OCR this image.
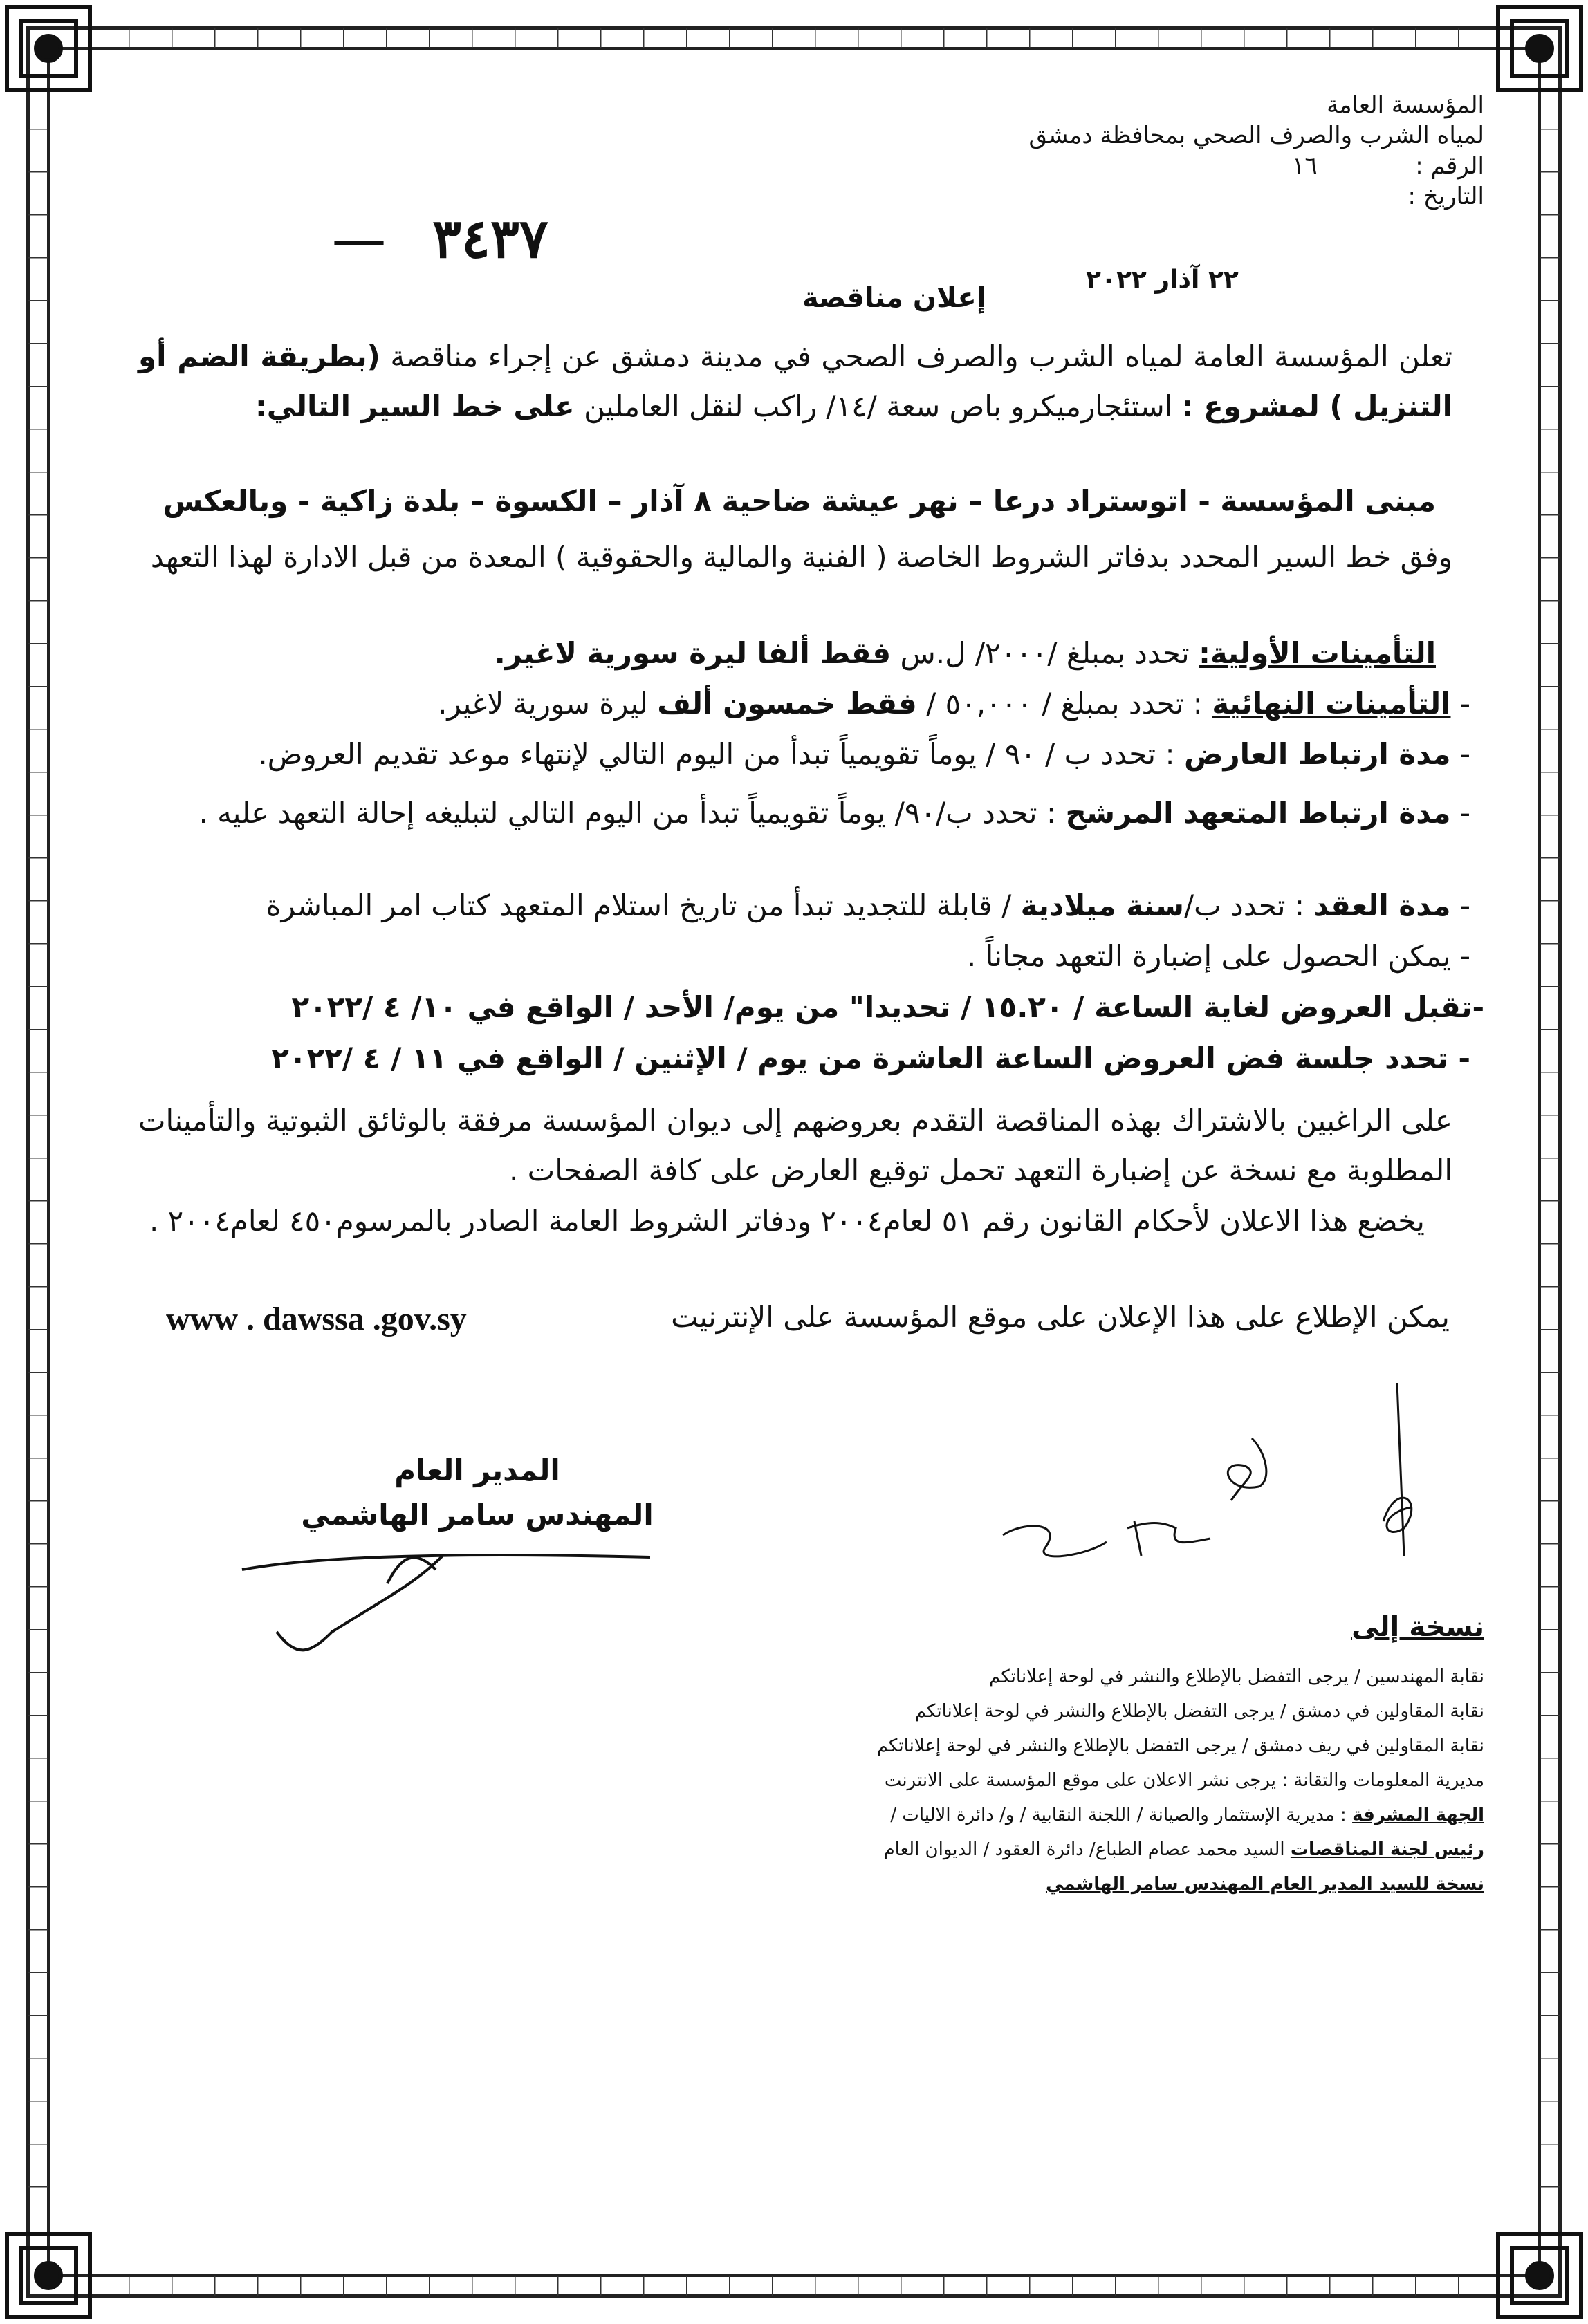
المؤسسة العامة
لمياه الشرب والصرف الصحي بمحافظة دمشق
الرقم :  ١٦
التاريخ :
— ٣٤٣٧
٢٢ آذار ٢٠٢٢
إعلان مناقصة
تعلن المؤسسة العامة لمياه الشرب والصرف الصحي في مدينة دمشق عن إجراء مناقصة (بطريقة الضم أو التنزيل ) لمشروع : استئجارميكرو باص سعة /١٤/ راكب لنقل العاملين على خط السير التالي:
مبنى المؤسسة - اتوستراد درعا – نهر عيشة ضاحية ٨ آذار – الكسوة – بلدة زاكية - وبالعكس
وفق خط السير المحدد بدفاتر الشروط الخاصة ( الفنية والمالية والحقوقية ) المعدة من قبل الادارة لهذا التعهد
التأمينات الأولية: تحدد بمبلغ /٢٠٠٠/ ل.س فقط ألفا ليرة سورية لاغير.
- التأمينات النهائية : تحدد بمبلغ / ٥٠,٠٠٠ / فقط خمسون ألف ليرة سورية لاغير.
- مدة ارتباط العارض : تحدد ب / ٩٠ / يوماً تقويمياً تبدأ من اليوم التالي لإنتهاء موعد تقديم العروض.
- مدة ارتباط المتعهد المرشح : تحدد ب/٩٠/ يوماً تقويمياً تبدأ من اليوم التالي لتبليغه إحالة التعهد عليه .
- مدة العقد : تحدد ب/سنة ميلادية / قابلة للتجديد تبدأ من تاريخ استلام المتعهد كتاب امر المباشرة
- يمكن الحصول على إضبارة التعهد مجاناً .
-تقبل العروض لغاية الساعة / ١٥.٢٠ / تحديدا" من يوم/ الأحد / الواقع في ١٠/ ٤ /٢٠٢٢
- تحدد جلسة فض العروض الساعة العاشرة من يوم / الإثنين / الواقع في ١١ / ٤ /٢٠٢٢
على الراغبين بالاشتراك بهذه المناقصة التقدم بعروضهم إلى ديوان المؤسسة مرفقة بالوثائق الثبوتية والتأمينات المطلوبة مع نسخة عن إضبارة التعهد تحمل توقيع العارض على كافة الصفحات .
يخضع هذا الاعلان لأحكام القانون رقم ٥١ لعام٢٠٠٤ ودفاتر الشروط العامة الصادر بالمرسوم٤٥٠ لعام٢٠٠٤ .
يمكن الإطلاع على هذا الإعلان على موقع المؤسسة على الإنترنيت
www . dawssa .gov.sy
المدير العام
المهندس سامر الهاشمي
نسخة إلى
نقابة المهندسين / يرجى التفضل بالإطلاع والنشر في لوحة إعلاناتكم
نقابة المقاولين في دمشق / يرجى التفضل بالإطلاع والنشر في لوحة إعلاناتكم
نقابة المقاولين في ريف دمشق / يرجى التفضل بالإطلاع والنشر في لوحة إعلاناتكم
مديرية المعلومات والتقانة : يرجى نشر الاعلان على موقع المؤسسة على الانترنت
الجهة المشرفة : مديرية الإستثمار والصيانة / اللجنة النقابية / و/ دائرة الاليات /
رئيس لجنة المناقصات السيد محمد عصام الطباع/ دائرة العقود / الديوان العام
نسخة للسيد المدير العام المهندس سامر الهاشمي
